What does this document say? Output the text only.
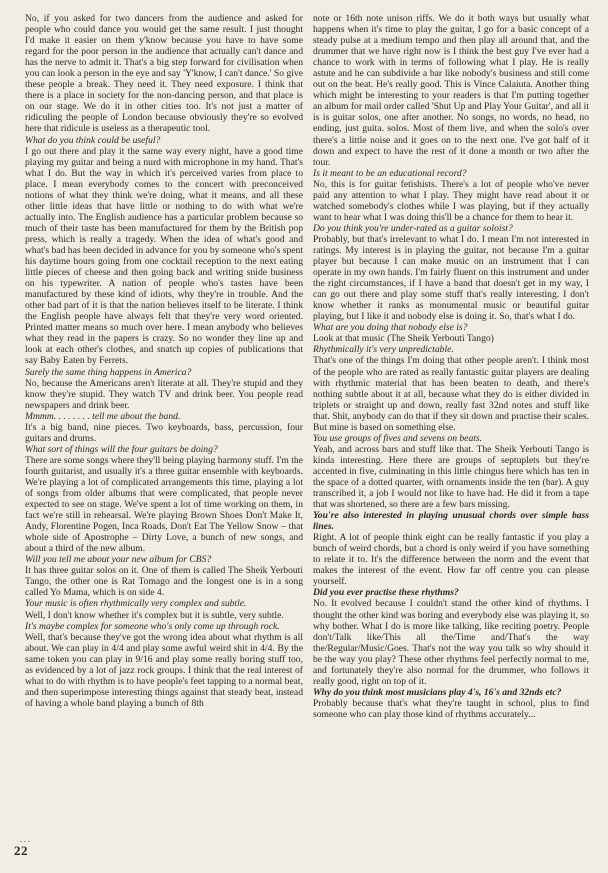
No, if you asked for two dancers from the audience and asked for people who could dance you would get the same result. I just thought I'd make it easier on them y'know because you have to have some regard for the poor person in the audience that actually can't dance and has the nerve to admit it. That's a big step forward for civilisation when you can look a person in the eye and say 'Y'know, I can't dance.' So give these people a break. They need it. They need exposure. I think that there is a place in society for the non-dancing person, and that place is on our stage. We do it in other cities too. It's not just a matter of ridiculing the people of London because obviously they're so evolved here that ridicule is useless as a therapeutic tool.

What do you think could be useful?

I go out there and play it the same way every night, have a good time playing my guitar and being a nurd with microphone in my hand. That's what I do. But the way in which it's perceived varies from place to place. I mean everybody comes to the concert with preconceived notions of what they think we're doing, what it means, and all these other little ideas that have little or nothing to do with what we're actually into. The English audience has a particular problem because so much of their taste has been manufactured for them by the British pop press, which is really a tragedy. When the idea of what's good and what's bad has been decided in advance for you by someone who's spent his daytime hours going from one cocktail reception to the next eating little pieces of cheese and then going back and writing snide business on his typewriter. A nation of people who's tastes have been manufactured by these kind of idiots, why they're in trouble. And the other bad part of it is that the nation believes itself to be literate. I think the English people have always felt that they're very word oriented. Printed matter means so much over here. I mean anybody who believes what they read in the papers is crazy. So no wonder they line up and look at each other's clothes, and snatch up copies of publications that say Baby Eaten by Ferrets.

Surely the same thing happens in America?

No, because the Americans aren't literate at all. They're stupid and they know they're stupid. They watch TV and drink beer. You people read newspapers and drink beer.

Mmmm. . . . . . . . tell me about the band.

It's a big band, nine pieces. Two keyboards, bass, percussion, four guitars and drums.

What sort of things will the four guitars be doing?

There are some songs where they'll being playing harmony stuff. I'm the fourth guitarist, and usually it's a three guitar ensemble with keyboards. We're playing a lot of complicated arrangements this time, playing a lot of songs from older albums that were complicated, that people never expected to see on stage. We've spent a lot of time working on them, in fact we're still in rehearsal. We're playing Brown Shoes Don't Make It, Andy, Florentine Pogen, Inca Roads, Don't Eat The Yellow Snow – that whole side of Apostrophe – Dirty Love, a bunch of new songs, and about a third of the new album.

Will you tell me about your new album for CBS?

It has three guitar solos on it. One of them is called The Sheik Yerbouti Tango, the other one is Rat Tomago and the longest one is in a song called Yo Mama, which is on side 4.

Your music is often rhythmically very complex and subtle.

Well, I don't know whether it's complex but it is subtle, very subtle.

It's maybe complex for someone who's only come up through rock.

Well, that's because they've got the wrong idea about what rhythm is all about. We can play in 4/4 and play some awful weird shit in 4/4. By the same token you can play in 9/16 and play some really boring stuff too, as evidenced by a lot of jazz rock groups. I think that the real interest of what to do with rhythm is to have people's feet tapping to a normal beat, and then superimpose interesting things against that steady beat, instead of having a whole band playing a bunch of 8th

note or 16th note unison riffs. We do it both ways but usually what happens when it's time to play the guitar, I go for a basic concept of a steady pulse at a medium tempo and then play all around that, and the drummer that we have right now is I think the best guy I've ever had a chance to work with in terms of following what I play. He is really astute and he can subdivide a bar like nobody's business and still come out on the beat. He's really good. This is Vince Calaiuta. Another thing which might be interesting to your readers is that I'm putting together an album for mail order called 'Shut Up and Play Your Guitar', and all it is is guitar solos, one after another. No songs, no words, no head, no ending, just guita. solos. Most of them live, and when the solo's over there's a little noise and it goes on to the next one. I've got half of it down and expect to have the rest of it done a month or two after the tour.

Is it meant to be an educational record?

No, this is for guitar fetishists. There's a lot of people who've never paid any attention to what I play. They might have read about it or watched somebody's clothes while I was playing, but if they actually want to hear what I was doing this'll be a chance for them to hear it.

Do you think you're under-rated as a guitar soloist?

Probably, but that's irrelevant to what I do. I mean I'm not interested in ratings. My interest is in playing the guitar, not because I'm a guitar player but because I can make music on an instrument that I can operate in my own hands. I'm fairly fluent on this instrument and under the right circumstances, if I have a band that doesn't get in my way, I can go out there and play some stuff that's really interesting. I don't know whether it ranks as monumental music or beautiful guitar playing, but I like it and nobody else is doing it. So, that's what I do.

What are you doing that nobody else is?

Look at that music (The Sheik Yerbouti Tango)

Rhythmically it's very unpredictable.

That's one of the things I'm doing that other people aren't. I think most of the people who are rated as really fantastic guitar players are dealing with rhythmic material that has been beaten to death, and there's nothing subtle about it at all, because what they do is either divided in triplets or straight up and down, really fast 32nd notes and stuff like that. Shit, anybody can do that if they sit down and practise their scales. But mine is based on something else.

You use groups of fives and sevens on beats.

Yeah, and across bars and stuff like that. The Sheik Yerbouti Tango is kinda interesting. Here there are groups of septuplets but they're accented in five, culminating in this little chingus here which has ten in the space of a dotted quarter, with ornaments inside the ten (bar). A guy transcribed it, a job I would not like to have had. He did it from a tape that was shortened, so there are a few bars missing.

You're also interested in playing unusual chords over simple bass lines.

Right. A lot of people think eight can be really fantastic if you play a bunch of weird chords, but a chord is only weird if you have something to relate it to. It's the difference between the norm and the event that makes the interest of the event. How far off centre you can please yourself.

Did you ever practise these rhythms?

No. It evolved because I couldn't stand the other kind of rhythms. I thought the other kind was boring and everybody else was playing it, so why bother. What I do is more like talking, like reciting poetry. People don't/Talk like/This all the/Time and/That's the way the/Regular/Music/Goes. That's not the way you talk so why should it be the way you play? These other rhythms feel perfectly normal to me, and fortunately they're also normal for the drummer, who follows it really good, right on top of it.

Why do you think most musicians play 4's, 16's and 32nds etc?

Probably because that's what they're taught in school, plus to find someone who can play those kind of rhythms accurately...

. . .
22
